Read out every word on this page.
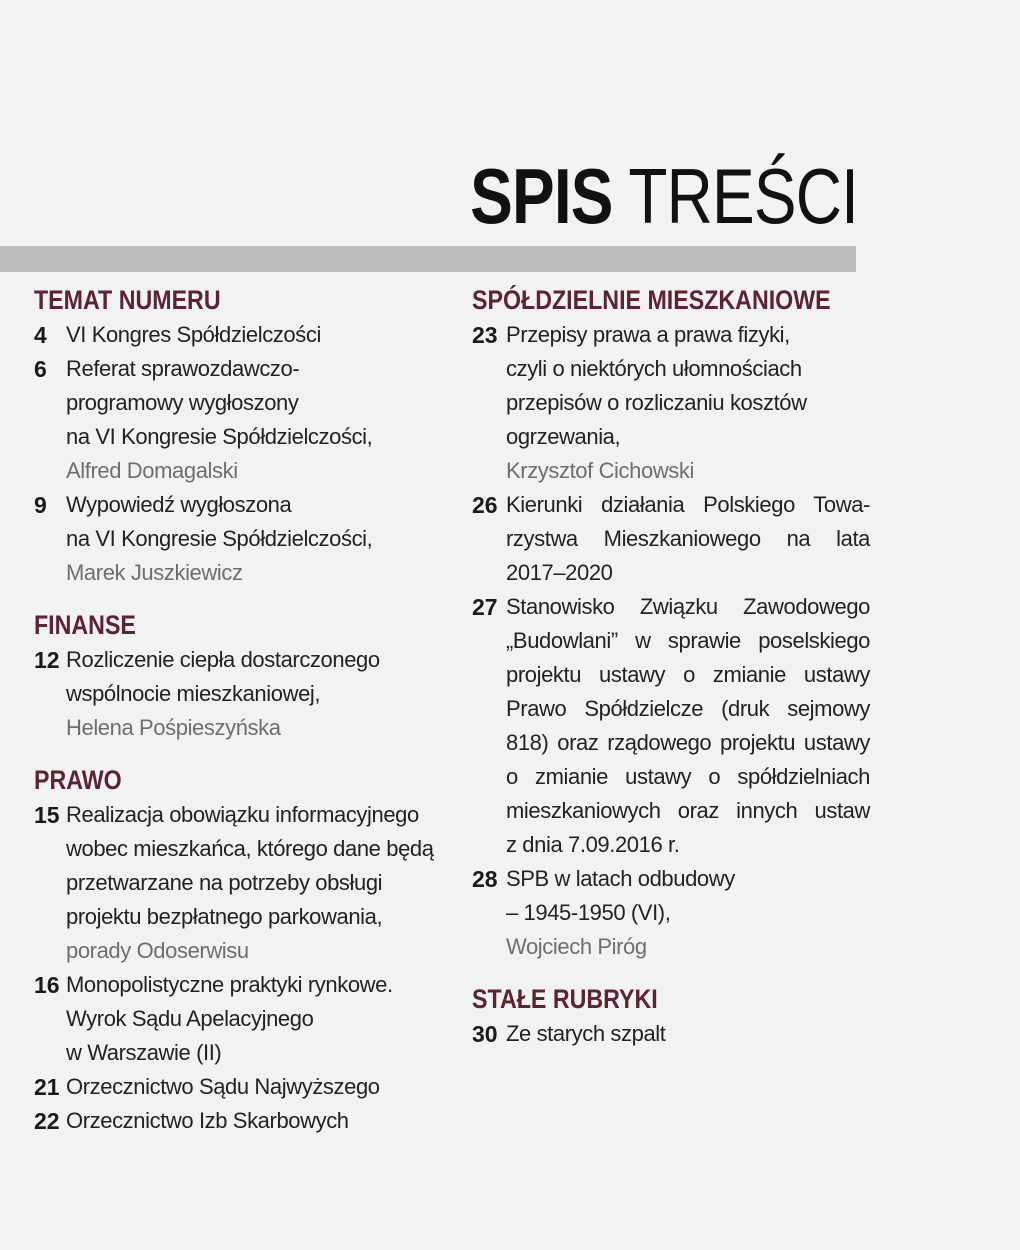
SPIS TREŚCI
TEMAT NUMERU
4 VI Kongres Spółdzielczości
6 Referat sprawozdawczo-
programowy wygłoszony
na VI Kongresie Spółdzielczości,
Alfred Domagalski
9 Wypowiedź wygłoszona
na VI Kongresie Spółdzielczości,
Marek Juszkiewicz
FINANSE
12 Rozliczenie ciepła dostarczonego
wspólnocie mieszkaniowej,
Helena Pośpieszyńska
PRAWO
15 Realizacja obowiązku informacyjnego
wobec mieszkańca, którego dane będą
przetwarzane na potrzeby obsługi
projektu bezpłatnego parkowania,
porady Odoserwisu
16 Monopolistyczne praktyki rynkowe.
Wyrok Sądu Apelacyjnego
w Warszawie (II)
21 Orzecznictwo Sądu Najwyższego
22 Orzecznictwo Izb Skarbowych
SPÓŁDZIELNIE MIESZKANIOWE
23 Przepisy prawa a prawa fizyki,
czyli o niektórych ułomnościach
przepisów o rozliczaniu kosztów
ogrzewania,
Krzysztof Cichowski
26 Kierunki działania Polskiego Towa-
rzystwa Mieszkaniowego na lata
2017–2020
27 Stanowisko Związku Zawodowego
„Budowlani” w sprawie poselskiego
projektu ustawy o zmianie ustawy
Prawo Spółdzielcze (druk sejmowy
818) oraz rządowego projektu ustawy
o zmianie ustawy o spółdzielniach
mieszkaniowych oraz innych ustaw
z dnia 7.09.2016 r.
28 SPB w latach odbudowy
– 1945-1950 (VI),
Wojciech Piróg
STAŁE RUBRYKI
30 Ze starych szpalt
